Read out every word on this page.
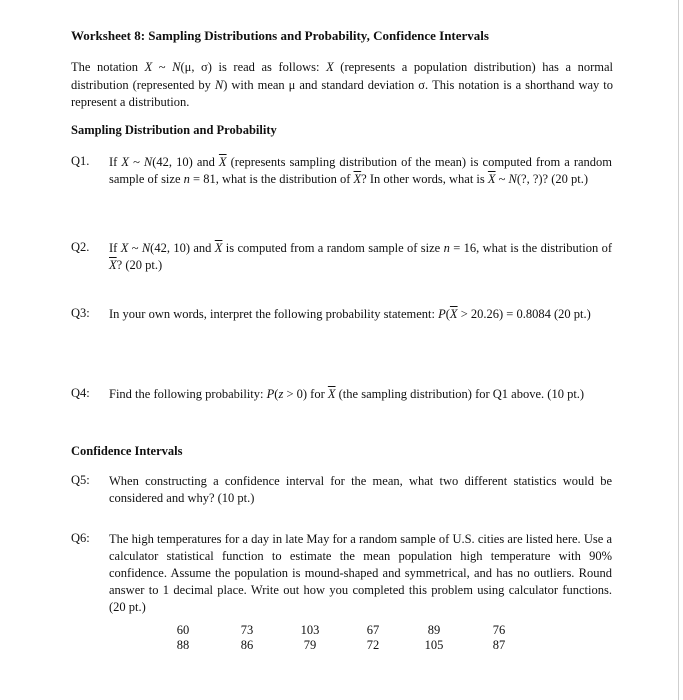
Worksheet 8: Sampling Distributions and Probability, Confidence Intervals
The notation X ~ N(μ, σ) is read as follows: X (represents a population distribution) has a normal distribution (represented by N) with mean μ and standard deviation σ. This notation is a shorthand way to represent a distribution.
Sampling Distribution and Probability
Q1. If X ~ N(42, 10) and $\overline{X}$ (represents sampling distribution of the mean) is computed from a random sample of size n = 81, what is the distribution of $\overline{X}$? In other words, what is $\overline{X}$ ~ N(?, ?)? (20 pt.)
Q2. If X ~ N(42, 10) and $\overline{X}$ is computed from a random sample of size n = 16, what is the distribution of $\overline{X}$? (20 pt.)
Q3: In your own words, interpret the following probability statement: $P(\overline{X} > 20.26) = 0.8084$ (20 pt.)
Q4: Find the following probability: P(z > 0) for $\overline{X}$ (the sampling distribution) for Q1 above. (10 pt.)
Confidence Intervals
Q5: When constructing a confidence interval for the mean, what two different statistics would be considered and why? (10 pt.)
Q6: The high temperatures for a day in late May for a random sample of U.S. cities are listed here. Use a calculator statistical function to estimate the mean population high temperature with 90% confidence. Assume the population is mound-shaped and symmetrical, and has no outliers. Round answer to 1 decimal place. Write out how you completed this problem using calculator functions. (20 pt.)
60
88
73
86
103
79
67
72
89
105
76
87
